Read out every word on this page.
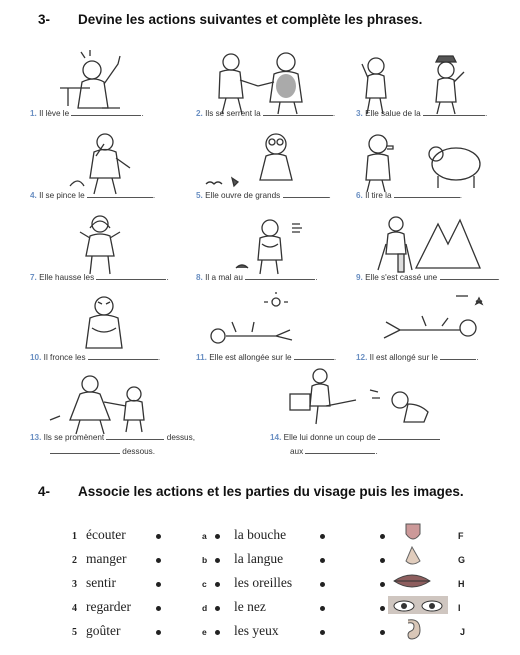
3- Devine les actions suivantes et complète les phrases.
1. Il lève le	.	2. Ils se serrent la	.	3. Elle salue de la	.
4. Il se pince le	.	5. Elle ouvre de grands	.	6. Il tire la	.
7. Elle hausse les	.	8. Il a mal au	.	9. Elle s'est cassé une	.
10. Il fronce les	.	11. Elle est allongée sur le	.	12. Il est allongé sur le	.
13. Ils se promènent	dessus,
dessous.
14. Elle lui donne un coup de
aux	.
4- Associe les actions et les parties du visage puis les images.
1 écouter	a la bouche	F
2 manger	b la langue	G
3 sentir	c les oreilles	H
4 regarder	d le nez	I
5 goûter	e les yeux	J
